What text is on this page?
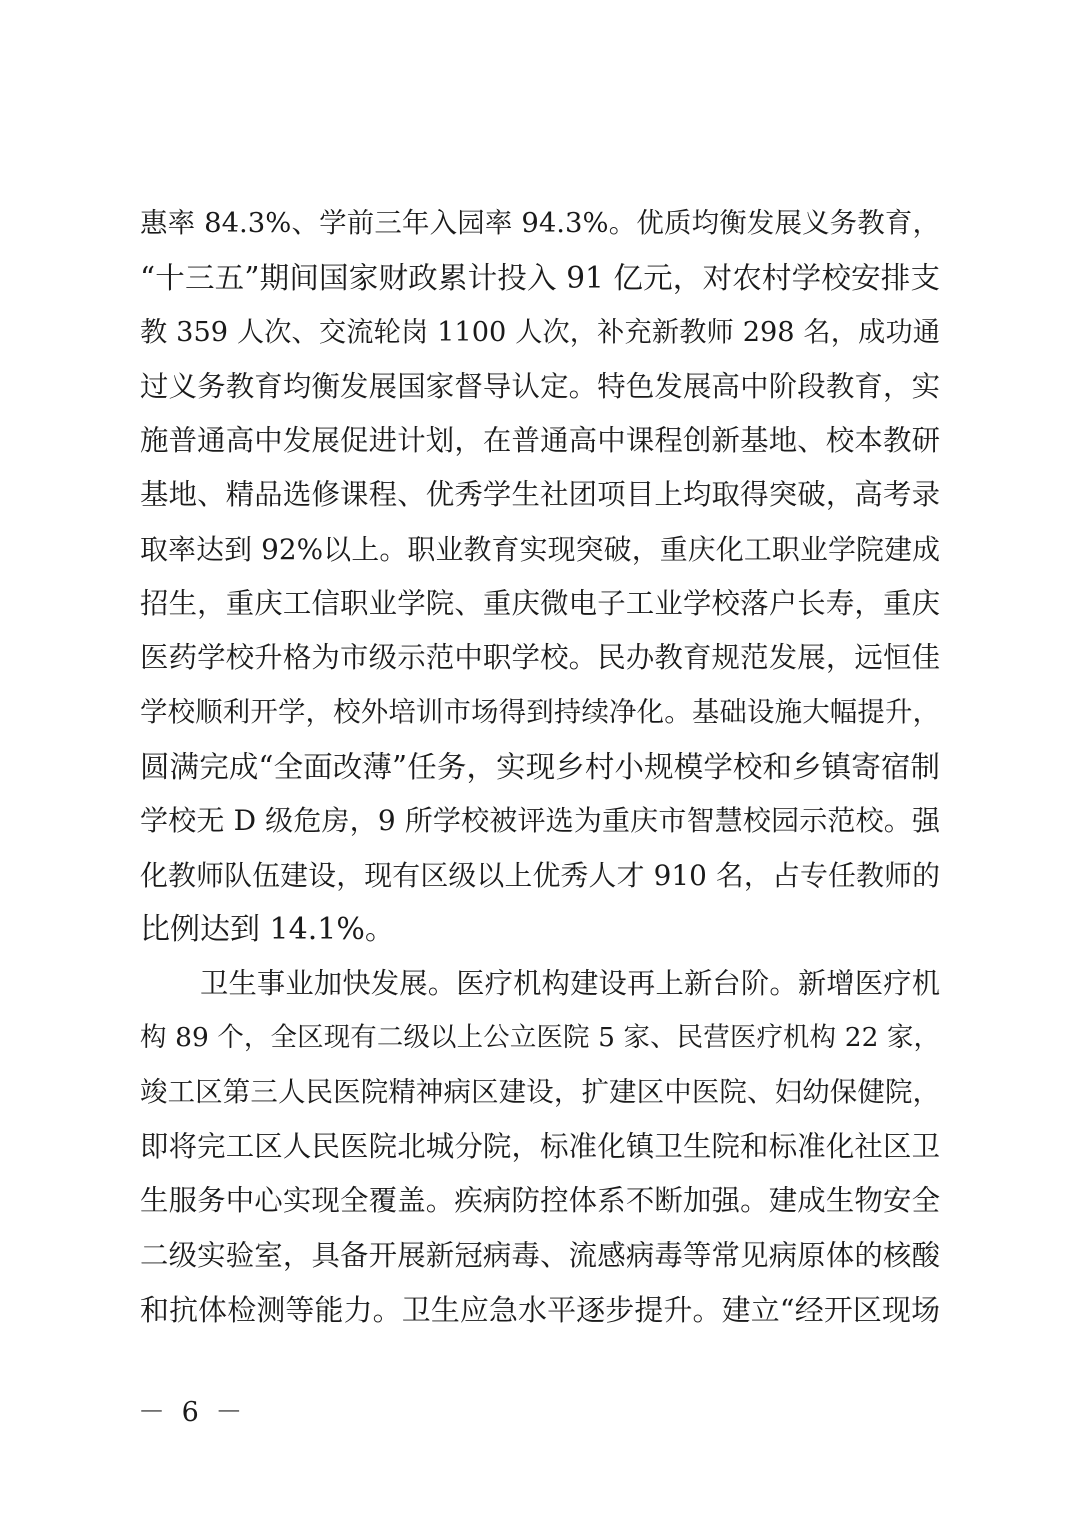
惠率 84.3%、学前三年入园率 94.3%。优质均衡发展义务教育，
“十三五”期间国家财政累计投入 91 亿元，对农村学校安排支
教 359 人次、交流轮岗 1100 人次，补充新教师 298 名，成功通
过义务教育均衡发展国家督导认定。特色发展高中阶段教育，实
施普通高中发展促进计划，在普通高中课程创新基地、校本教研
基地、精品选修课程、优秀学生社团项目上均取得突破，高考录
取率达到 92%以上。职业教育实现突破，重庆化工职业学院建成
招生，重庆工信职业学院、重庆微电子工业学校落户长寿，重庆
医药学校升格为市级示范中职学校。民办教育规范发展，远恒佳
学校顺利开学，校外培训市场得到持续净化。基础设施大幅提升，
圆满完成“全面改薄”任务，实现乡村小规模学校和乡镇寄宿制
学校无 D 级危房，9 所学校被评选为重庆市智慧校园示范校。强
化教师队伍建设，现有区级以上优秀人才 910 名，占专任教师的
比例达到 14.1%。
卫生事业加快发展。医疗机构建设再上新台阶。新增医疗机
构 89 个，全区现有二级以上公立医院 5 家、民营医疗机构 22 家，
竣工区第三人民医院精神病区建设，扩建区中医院、妇幼保健院，
即将完工区人民医院北城分院，标准化镇卫生院和标准化社区卫
生服务中心实现全覆盖。疾病防控体系不断加强。建成生物安全
二级实验室，具备开展新冠病毒、流感病毒等常见病原体的核酸
和抗体检测等能力。卫生应急水平逐步提升。建立“经开区现场
－ 6 －
